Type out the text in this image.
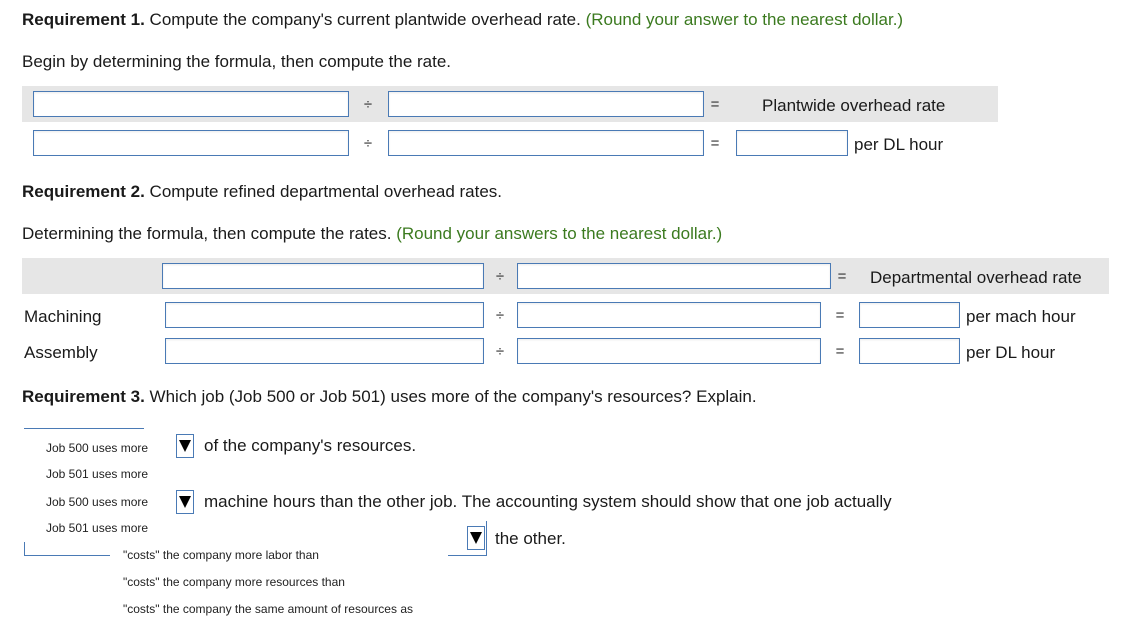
Requirement 1. Compute the company's current plantwide overhead rate. (Round your answer to the nearest dollar.)
Begin by determining the formula, then compute the rate.
÷	=	Plantwide overhead rate
÷	=	per DL hour
Requirement 2. Compute refined departmental overhead rates.
Determining the formula, then compute the rates. (Round your answers to the nearest dollar.)
÷	= Departmental overhead rate
Machining	÷	=	per mach hour
Assembly	÷	=	per DL hour
Requirement 3. Which job (Job 500 or Job 501) uses more of the company's resources? Explain.
Job 500 uses more
Job 501 uses more
of the company's resources.
Job 500 uses more
Job 501 uses more
machine hours than the other job. The accounting system should show that one job actually
"costs" the company more labor than
"costs" the company more resources than
"costs" the company the same amount of resources as
the other.
